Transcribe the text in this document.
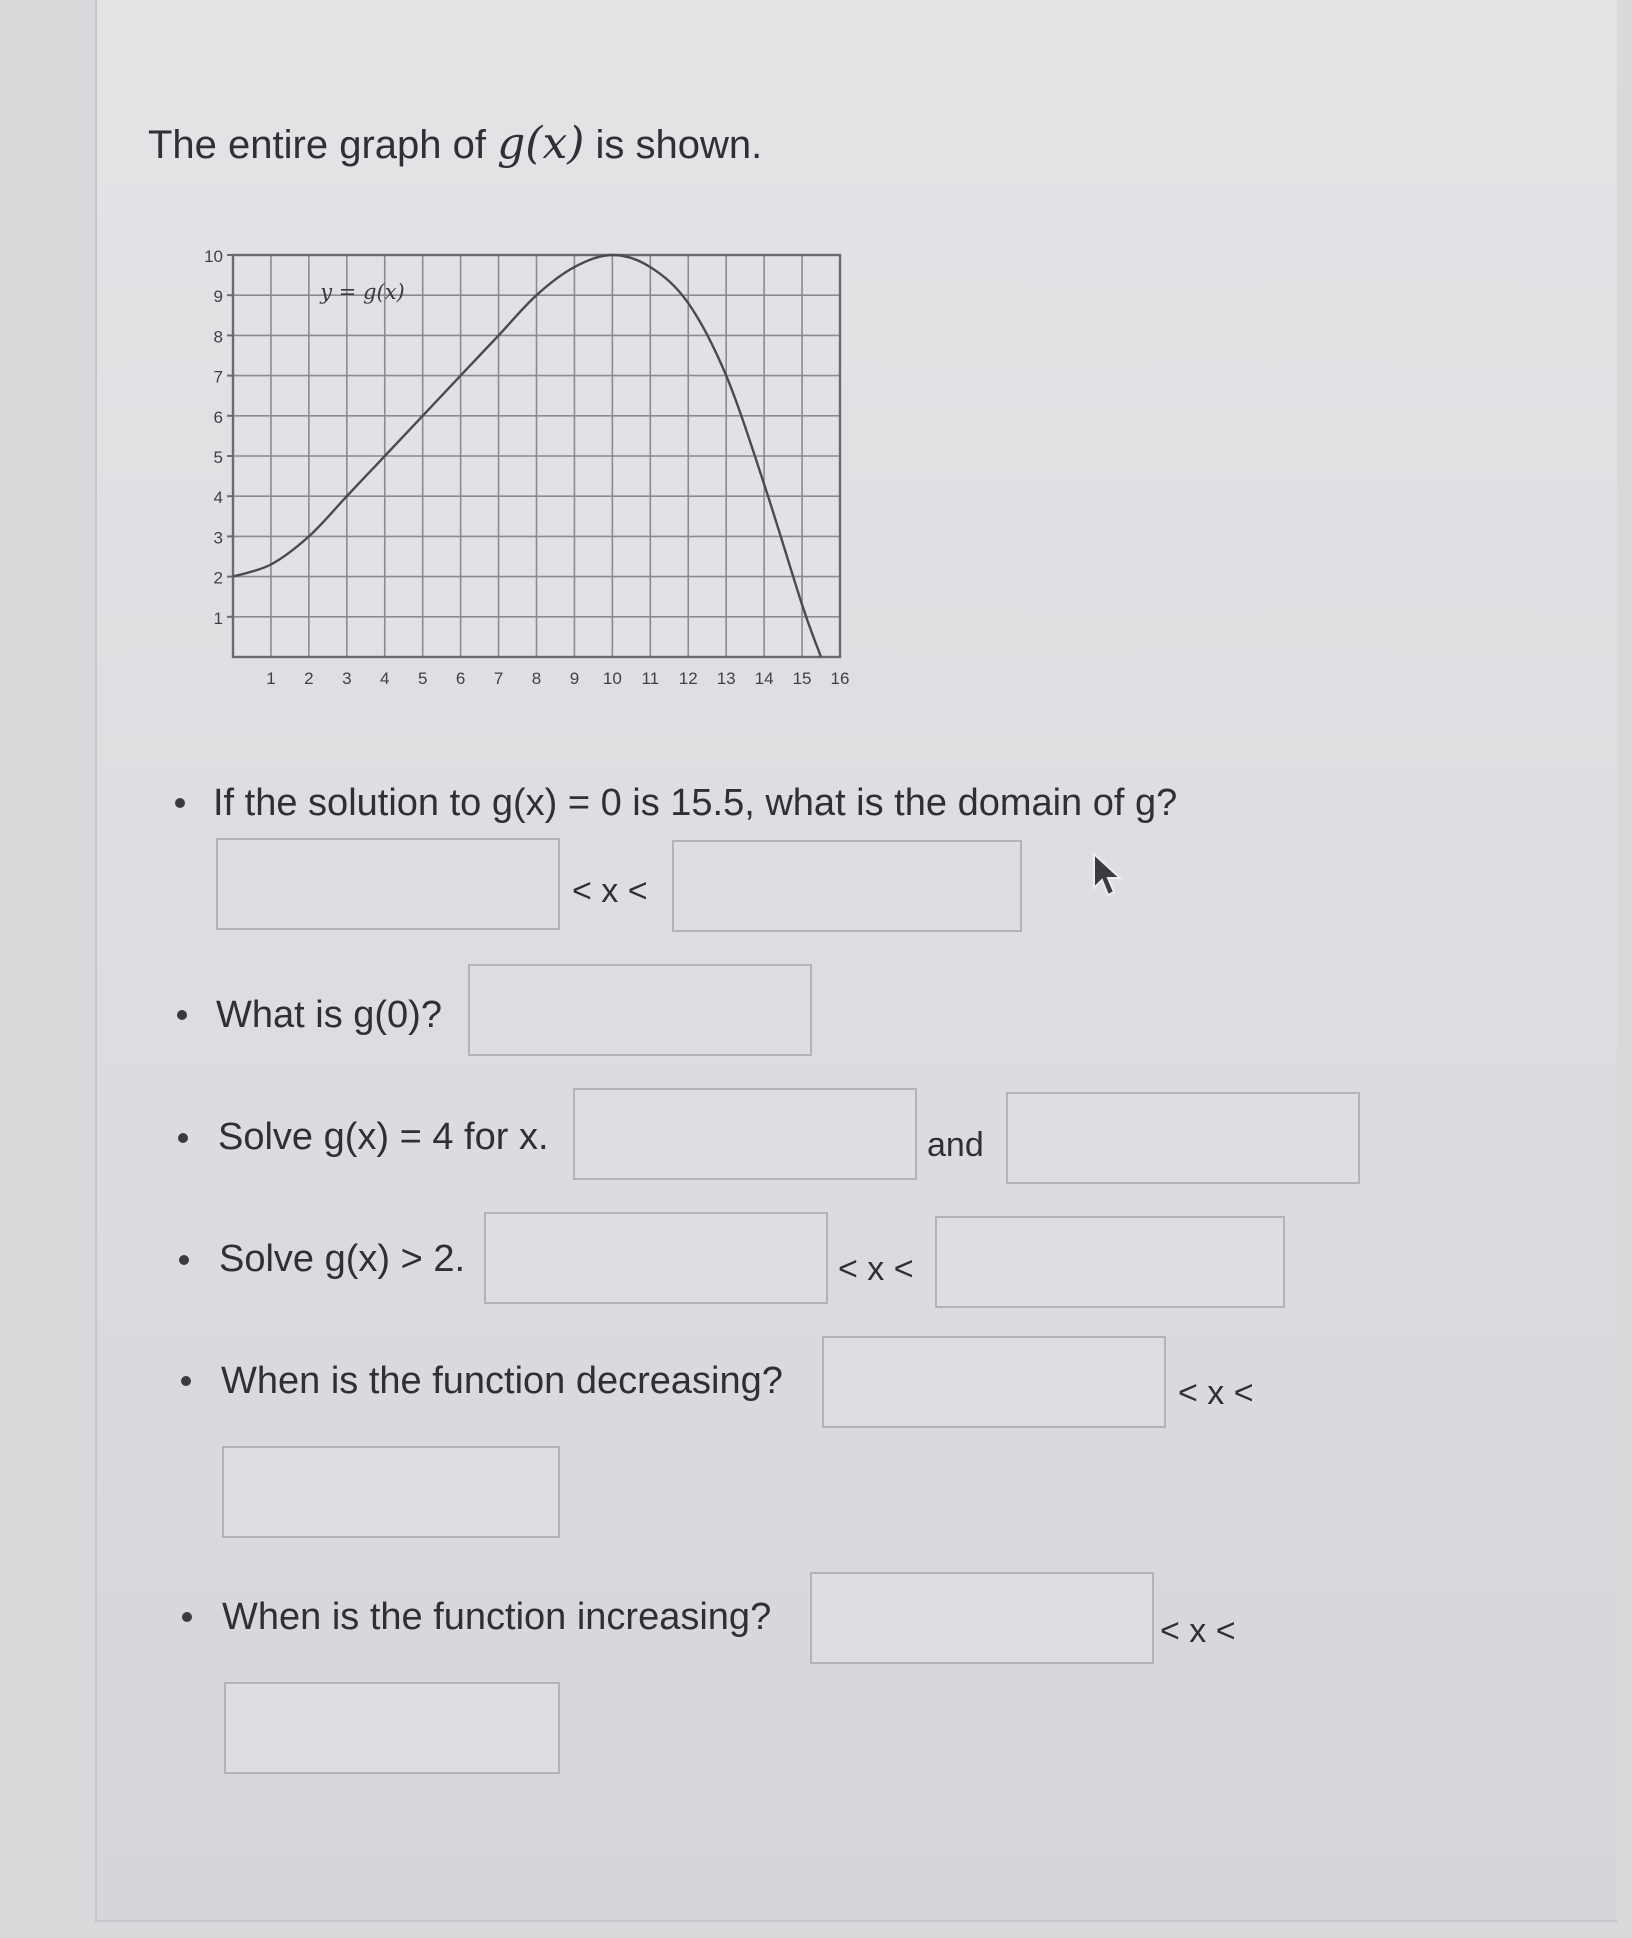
The entire graph of g(x) is shown.
1
2
3
4
5
6
7
8
9
10
1 2 3 4 5 6 7 8 9 10 11 12 13 14 15 16
y = g(x)
If the solution to g(x) = 0 is 15.5, what is the domain of g?
< x <
What is g(0)?
Solve g(x) = 4 for x.	and
Solve g(x) > 2.	< x <
When is the function decreasing?	< x <
When is the function increasing?	< x <
